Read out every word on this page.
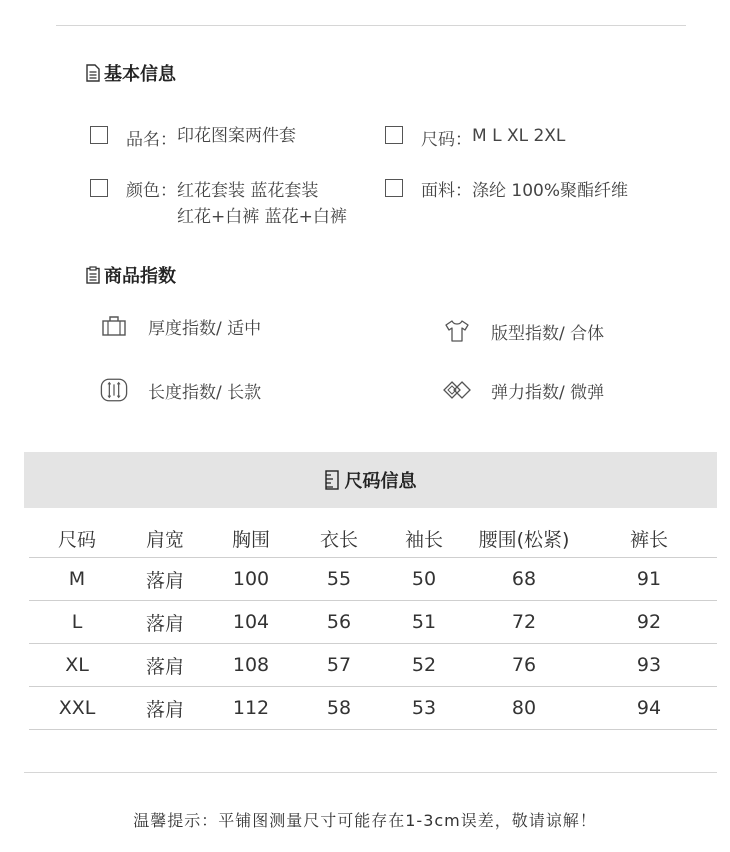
基本信息
品名： 印花图案两件套	尺码： M L XL 2XL
颜色： 红花套装 蓝花套装
红花+白裤 蓝花+白裤
面料： 涤纶 100%聚酯纤维
商品指数
厚度指数/ 适中	版型指数/ 合体
长度指数/ 长款	弹力指数/ 微弹
尺码信息
尺码	肩宽	胸围	衣长	袖长	腰围(松紧)	裤长
M	落肩	100	55	50	68	91
L	落肩	104	56	51	72	92
XL	落肩	108	57	52	76	93
XXL	落肩	112	58	53	80	94
温馨提示：平铺图测量尺寸可能存在1-3cm误差，敬请谅解！
